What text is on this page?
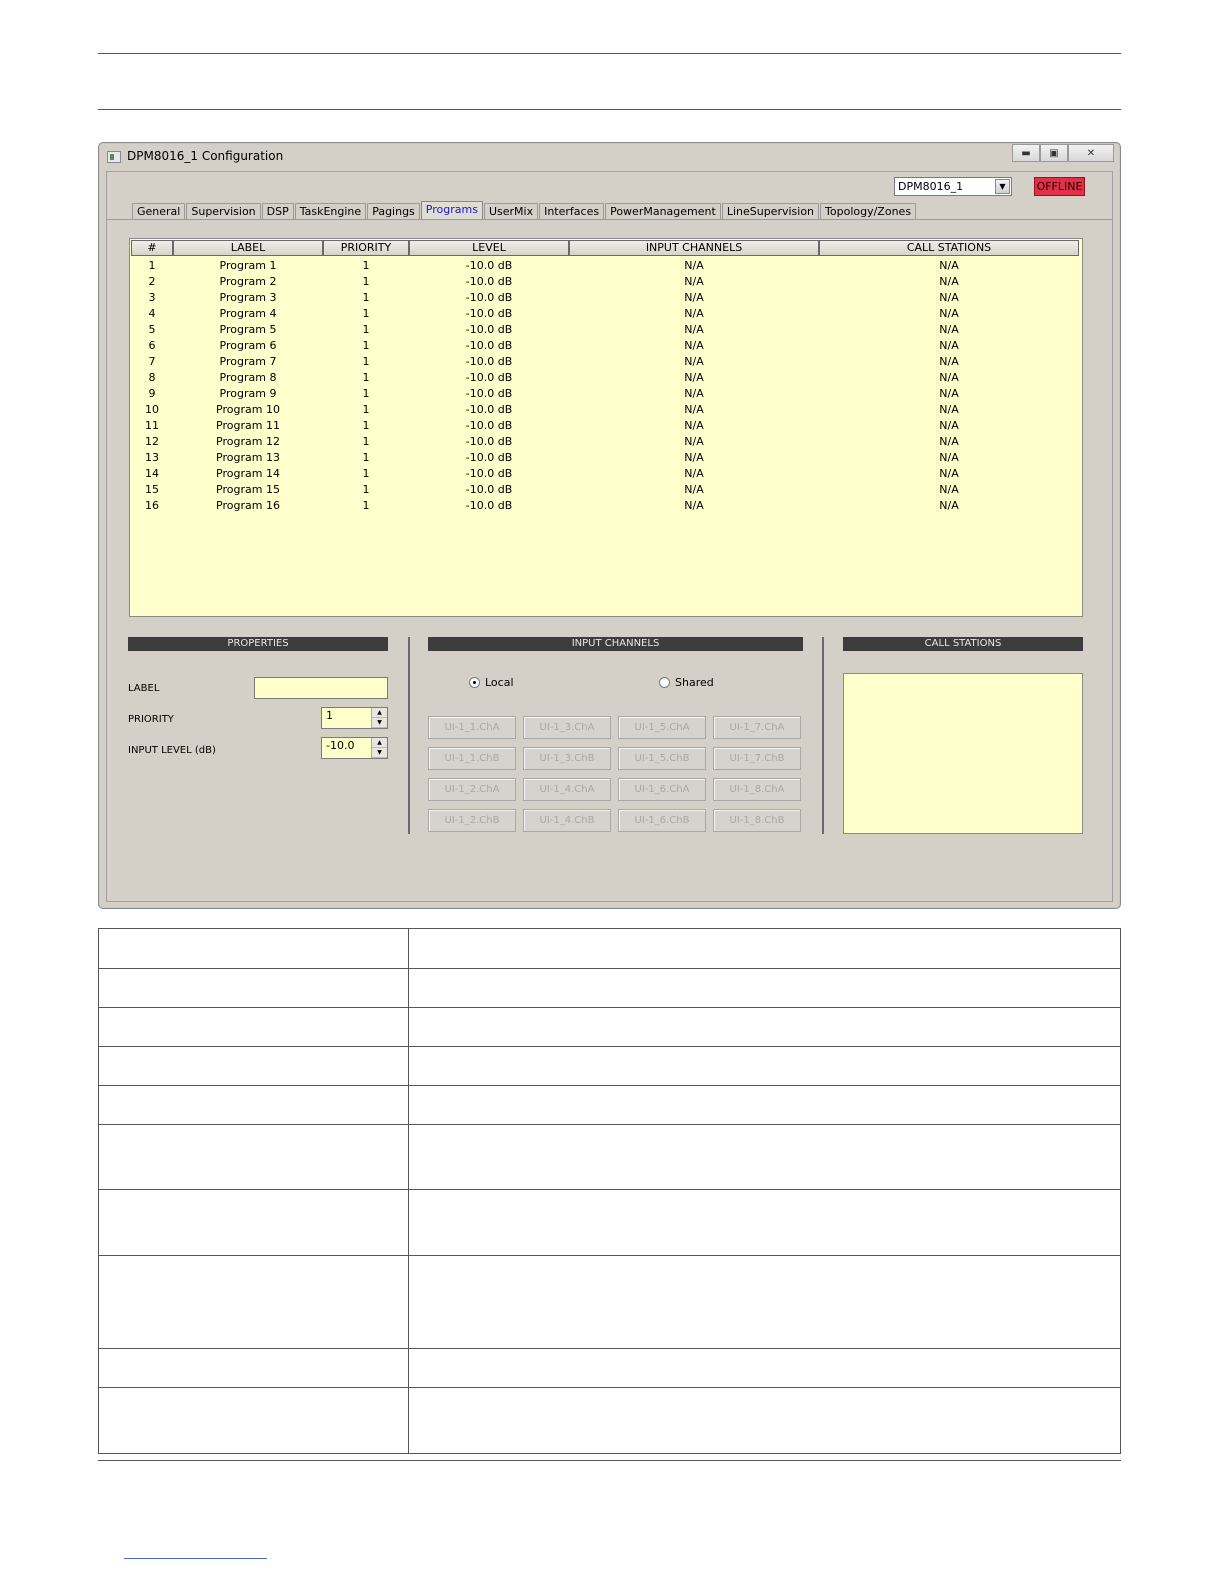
DPM8016_1 Configuration	▬ ▣	✕
DPM8016_1	▼	OFFLINE
General	Supervision	DSP	TaskEngine	Pagings	Programs	UserMix	Interfaces	PowerManagement	LineSupervision	Topology/Zones
#	LABEL	PRIORITY	LEVEL	INPUT CHANNELS	CALL STATIONS
1	Program 1	1	-10.0 dB	N/A	N/A
2	Program 2	1	-10.0 dB	N/A	N/A
3	Program 3	1	-10.0 dB	N/A	N/A
4	Program 4	1	-10.0 dB	N/A	N/A
5	Program 5	1	-10.0 dB	N/A	N/A
6	Program 6	1	-10.0 dB	N/A	N/A
7	Program 7	1	-10.0 dB	N/A	N/A
8	Program 8	1	-10.0 dB	N/A	N/A
9	Program 9	1	-10.0 dB	N/A	N/A
10	Program 10	1	-10.0 dB	N/A	N/A
11	Program 11	1	-10.0 dB	N/A	N/A
12	Program 12	1	-10.0 dB	N/A	N/A
13	Program 13	1	-10.0 dB	N/A	N/A
14	Program 14	1	-10.0 dB	N/A	N/A
15	Program 15	1	-10.0 dB	N/A	N/A
16	Program 16	1	-10.0 dB	N/A	N/A
PROPERTIES
LABEL
PRIORITY	1	▲
▼
INPUT LEVEL (dB)	-10.0	▲
▼
INPUT CHANNELS
Local	Shared
UI-1_1.ChA	UI-1_3.ChA	UI-1_5.ChA	UI-1_7.ChA
UI-1_1.ChB	UI-1_3.ChB	UI-1_5.ChB	UI-1_7.ChB
UI-1_2.ChA	UI-1_4.ChA	UI-1_6.ChA	UI-1_8.ChA
UI-1_2.ChB	UI-1_4.ChB	UI-1_6.ChB	UI-1_8.ChB
CALL STATIONS
